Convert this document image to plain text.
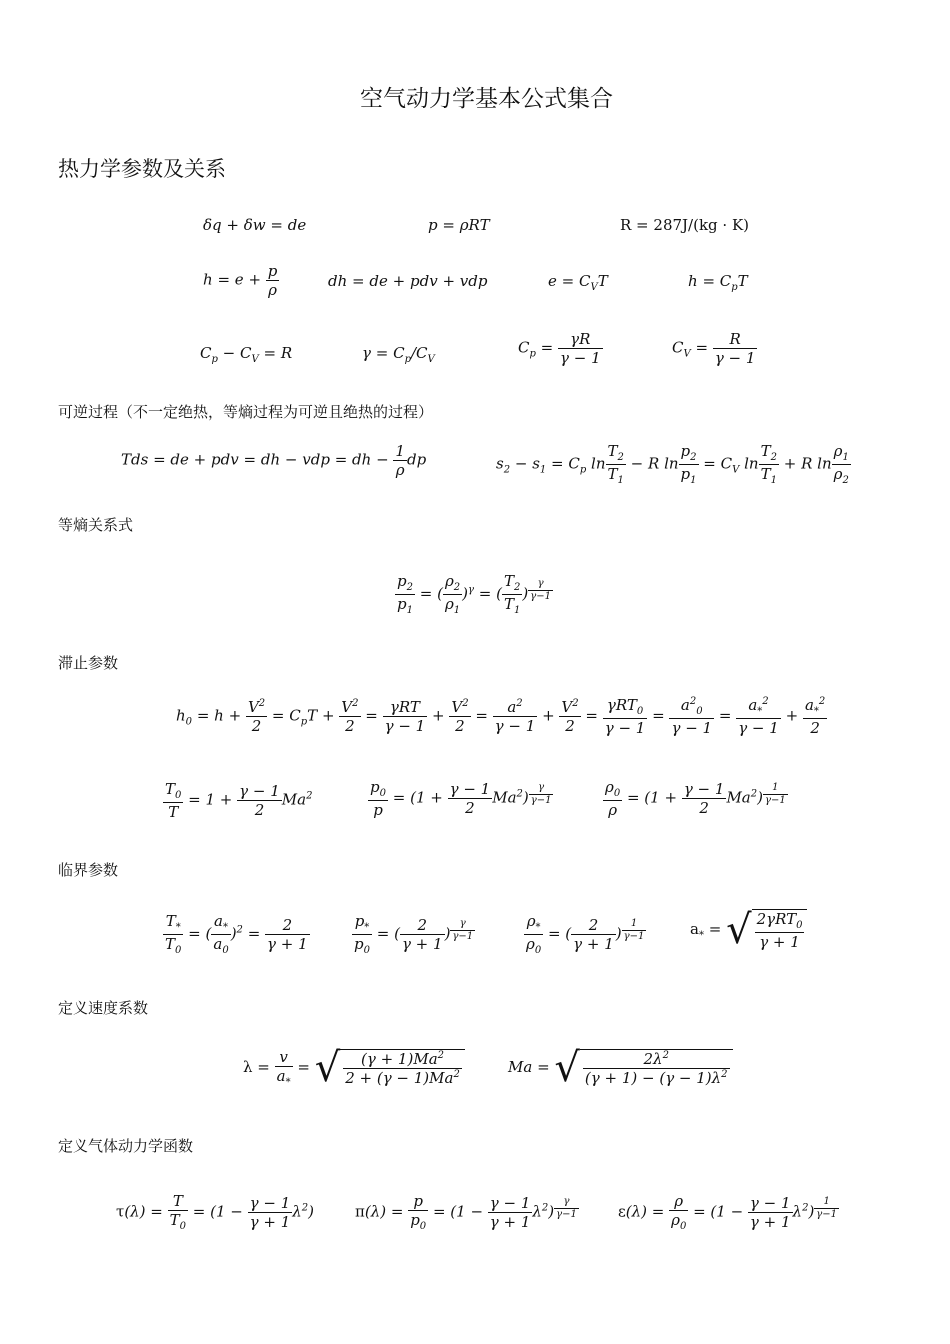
空气动力学基本公式集合
热力学参数及关系
δq + δw = de	p = ρRT	R = 287J/(kg · K)
$h = e + \frac{p}{\rho}$	dh = de + pdv + vdp	$e = C_VT$	$h = C_pT$
$C_p - C_V = R$	$\gamma = C_p/C_V$
$C_p = \frac{\gamma R}{\gamma - 1}$	$C_V = \frac{R}{\gamma - 1}$
可逆过程（不一定绝热，等熵过程为可逆且绝热的过程）
Tds = de + pdv = dh − vdp = dh − $\frac{1}{\rho}$ dp	$s_2 - s_1 = C_p$ $\ln \frac{T_2}{T_1} - R$ $\ln \frac{p_2}{p_1} = C_V$ $\ln \frac{T_2}{T_1} + R$ $\ln \frac{\rho_1}{\rho_2}$
等熵关系式
$\frac{p_2}{p_1}$ = ( $\frac{\rho_2}{\rho_1} )^\gamma$ = ( $\frac{T_2}{T_1}$ ) $^{\frac{\gamma}{\gamma-1}}$
滞止参数
$h_0 = h + \frac{V^2}{2} = C_pT + \frac{V^2}{2} = \frac{\text{γRT}}{\gamma - 1} + \frac{V^2}{2} = \frac{a^2}{\gamma - 1} + \frac{V^2}{2} = \frac{\gamma RT_0}{\gamma - 1} = \frac{a^2_0}{\gamma - 1} = \frac{a_*^2}{\gamma - 1} + \frac{a_*^2}{2}$
$\frac{T_0}{T} = 1 + \frac{\gamma - 1}{2} Ma^2$	$\frac{p_0}{p} = (1 + \frac{\gamma - 1}{2} Ma^2)$ $^{\frac{\gamma}{\gamma-1}}$	$\frac{\rho_0}{\rho} = (1 + \frac{\gamma - 1}{2} Ma^2)$ $^{\frac{1}{\gamma-1}}$
临界参数
$\frac{T_*}{T_0}$ = ( $\frac{a_*}{a_0} )^2 = \frac{2}{\gamma + 1}$	$\frac{p_*}{p_0}$ = ( $\frac{2}{\gamma + 1}$ ) $^{\frac{\gamma}{\gamma-1}}$	$\frac{\rho_*}{\rho_0}$ = ( $\frac{2}{\gamma + 1}$ ) $^{\frac{1}{\gamma-1}}$	$a_*$ = √ $\frac{2\gamma RT_0}{\gamma + 1}$
定义速度系数
$\lambda = \frac{v}{a_*}$ = √ $\frac{(\gamma + 1)Ma^2}{2 + (\gamma - 1)Ma^2}$	Ma = √ $\frac{2\lambda^2}{(\gamma + 1) - (\gamma - 1)\lambda^2}$
定义气体动力学函数
$\tau(\lambda) = \frac{T}{T_0} = (1 - \frac{\gamma - 1}{\gamma + 1} \lambda^2)$	$\pi(\lambda) = \frac{p}{p_0} = (1 - \frac{\gamma - 1}{\gamma + 1} \lambda^2)$ $^{\frac{\gamma}{\gamma-1}}$	$\varepsilon(\lambda) = \frac{\rho}{\rho_0} = (1 - \frac{\gamma - 1}{\gamma + 1} \lambda^2)$ $^{\frac{1}{\gamma-1}}$
